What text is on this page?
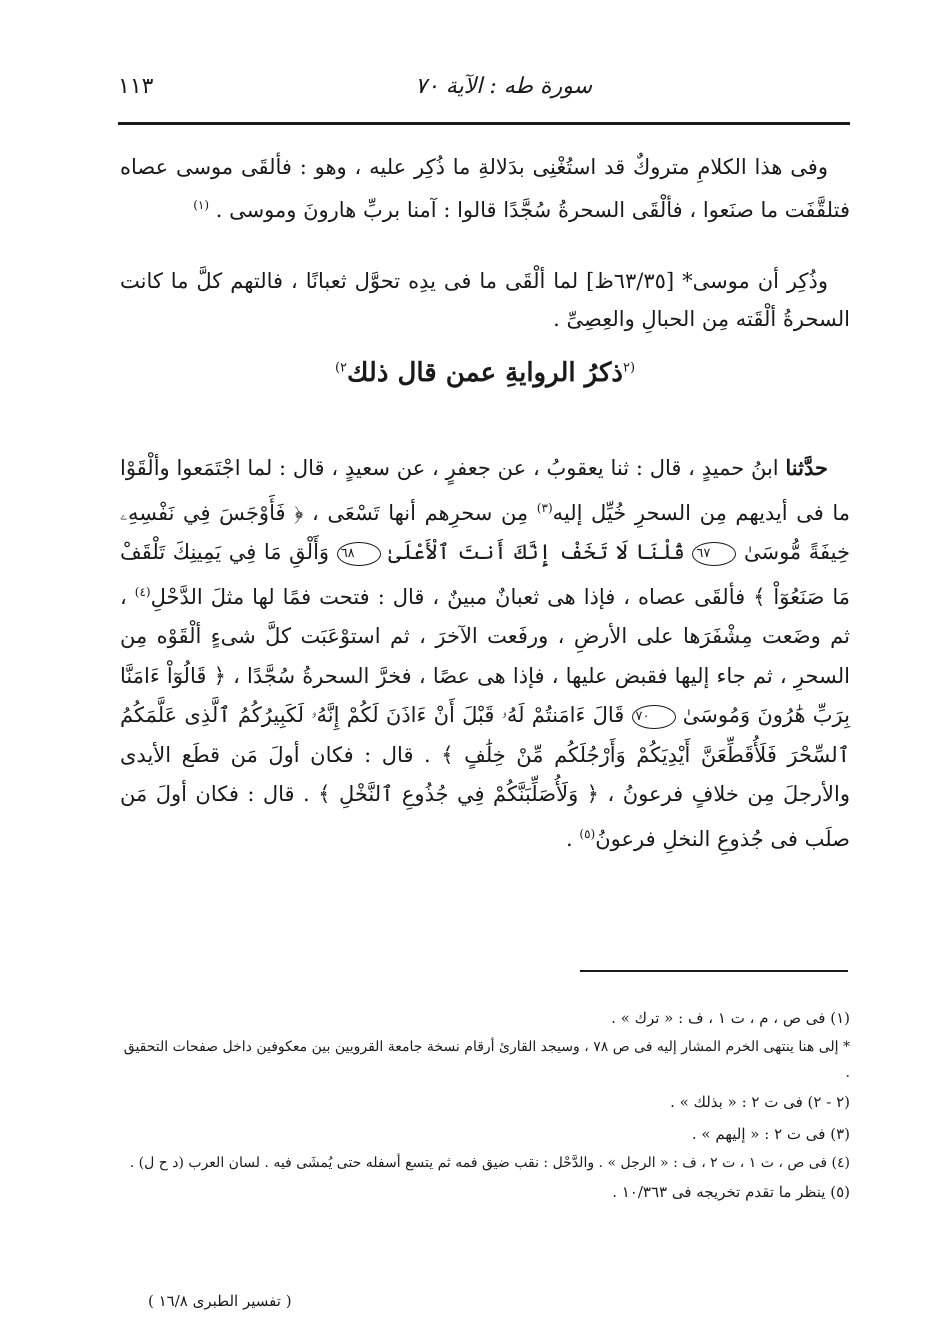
سورة طه : الآية ٧٠
١١٣

وفى هذا الكلامِ متروكٌ قد استُغْنِى بدَلالةِ ما ذُكِر عليه ، وهو : فألقَى موسى عصاه فتلقَّفَت ما صنَعوا ، فألْقَى السحرةُ سُجَّدًا قالوا : آمنا بربِّ هارونَ وموسى . $^{(١)}$

وذُكِر أن موسى* [٦٣/٣٥ظ] لما ألْقَى ما فى يدِه تحوَّل ثعبانًا ، فالتهم كلَّ ما كانت السحرةُ ألْقَته مِن الحبالِ والعِصِىِّ .

$^{(٢}$ذكرُ الروايةِ عمن قال ذلك$^{٢)}$

حدَّثنا ابنُ حميدٍ ، قال : ثنا يعقوبُ ، عن جعفرٍ ، عن سعيدٍ ، قال : لما اجْتَمَعوا وألْقَوْا ما فى أيديهم مِن السحرِ خُيِّل إليه$^{(٣)}$ مِن سحرِهم أنها تَسْعَى ، ﴿ فَأَوْجَسَ فِي نَفْسِهِۦ خِيفَةً مُّوسَىٰ ٦٧ قُلْنَا لَا تَخَفْ إِنَّكَ أَنتَ ٱلْأَعْلَىٰ ٦٨ وَأَلْقِ مَا فِي يَمِينِكَ تَلْقَفْ مَا صَنَعُوٓاْ ﴾ فألقَى عصاه ، فإذا هى ثعبانٌ مبينٌ ، قال : فتحت فمًا لها مثلَ الدَّحْلِ$^{(٤)}$ ، ثم وضَعت مِشْفَرَها على الأرضِ ، ورفَعت الآخرَ ، ثم استوْعَبَت كلَّ شىءٍ ألْقَوْه مِن السحرِ ، ثم جاء إليها فقبض عليها ، فإذا هى عصًا ، فخرَّ السحرةُ سُجَّدًا ، ﴿ قَالُوٓاْ ءَامَنَّا بِرَبِّ هَٰرُونَ وَمُوسَىٰ ٧٠ قَالَ ءَامَنتُمْ لَهُۥ قَبْلَ أَنْ ءَاذَنَ لَكُمْ إِنَّهُۥ لَكَبِيرُكُمُ ٱلَّذِى عَلَّمَكُمُ ٱلسِّحْرَ فَلَأُقَطِّعَنَّ أَيْدِيَكُمْ وَأَرْجُلَكُم مِّنْ خِلَٰفٍ ﴾ . قال : فكان أولَ مَن قطَع الأيدى والأرجلَ مِن خلافٍ فرعونُ ، ﴿ وَلَأُصَلِّبَنَّكُمْ فِي جُذُوعِ ٱلنَّخْلِ ﴾ . قال : فكان أولَ مَن صلَب فى جُذوعِ النخلِ فرعونُ$^{(٥)}$ .

(١) فى ص ، م ، ت ١ ، ف : « ترك » .
* إلى هنا ينتهى الخرم المشار إليه فى ص ٧٨ ، وسيجد القارئ أرقام نسخة جامعة القرويين بين معكوفين داخل صفحات التحقيق .
(٢ - ٢) فى ت ٢ : « بذلك » .
(٣) فى ت ٢ : « إليهم » .
(٤) فى ص ، ت ١ ، ت ٢ ، ف : « الرجل » . والدَّحْل : نقب ضيق فمه ثم يتسع أسفله حتى يُمشَى فيه . لسان العرب (د ح ل) .
(٥) ينظر ما تقدم تخريجه فى ١٠/٣٦٣ .
( تفسير الطبرى ١٦/٨ )
